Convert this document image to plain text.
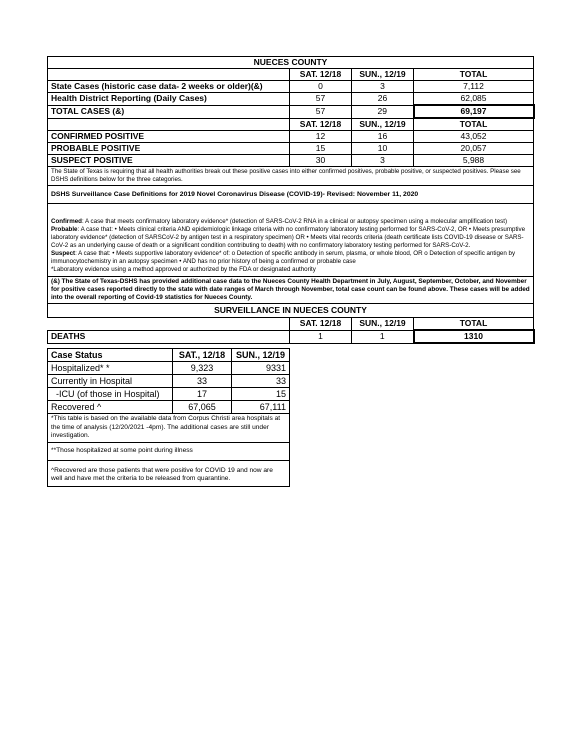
NUECES COUNTY			
	SAT. 12/18	SUN., 12/19	TOTAL
State Cases (historic case data- 2 weeks or older)(&)	0	3	7,112
Health District Reporting (Daily Cases)	57	26	62,085
TOTAL CASES (&)	57	29	69,197
	SAT. 12/18	SUN., 12/19	TOTAL
CONFIRMED POSITIVE	12	16	43,052
PROBABLE POSITIVE	15	10	20,057
SUSPECT POSITIVE	30	3	5,988
The State of Texas is requiring that all health authorities break out these positive cases into either confirmed positives, probable positive, or suspected positives. Please see DSHS definitions below for the three categories.			
DSHS Surveillance Case Definitions for 2019 Novel Coronavirus Disease (COVID-19)- Revised: November 11, 2020			

Confirmed: A case that meets confirmatory laboratory evidence* (detection of SARS-CoV-2 RNA in a clinical or autopsy specimen using a molecular amplification test)

Probable: A case that: • Meets clinical criteria AND epidemiologic linkage criteria with no confirmatory laboratory testing performed for SARS-CoV-2, OR • Meets presumptive laboratory evidence* (detection of SARSCoV-2 by antigen test in a respiratory specimen) OR • Meets vital records criteria (death certificate lists COVID-19 disease or SARS-CoV-2 as an underlying cause of death or a significant condition contributing to death) with no confirmatory laboratory testing performed for SARS-CoV-2.

Suspect: A case that: • Meets supportive laboratory evidence* of: o Detection of specific antibody in serum, plasma, or whole blood, OR o Detection of specific antigen by immunocytochemistry in an autopsy specimen • AND has no prior history of being a confirmed or probable case

*Laboratory evidence using a method approved or authorized by the FDA or designated authority			

(&) The State of Texas-DSHS has provided additional case data to the Nueces County Health Department in July, August, September, October, and November for positive cases reported directly to the state with date ranges of March through November, total case count can be found above. These cases will be added into the overall reporting of Covid-19 statistics for Nueces County.			
SURVEILLANCE IN NUECES COUNTY			
	SAT. 12/18	SUN., 12/19	TOTAL
DEATHS	1	1	1310
Case Status	SAT., 12/18	SUN., 12/19
Hospitalized* *	9,323	9331
Currently in Hospital	33	33
-ICU (of those in Hospital)	17	15
Recovered ^	67,065	67,111
*This table is based on the available data from Corpus Christi area hospitals at the time of analysis (12/20/2021 -4pm). The additional cases are still under investigation.		
**Those hospitalized at some point during illness		
^Recovered are those patients that were positive for COVID 19 and now are well and have met the criteria to be released from quarantine.		
